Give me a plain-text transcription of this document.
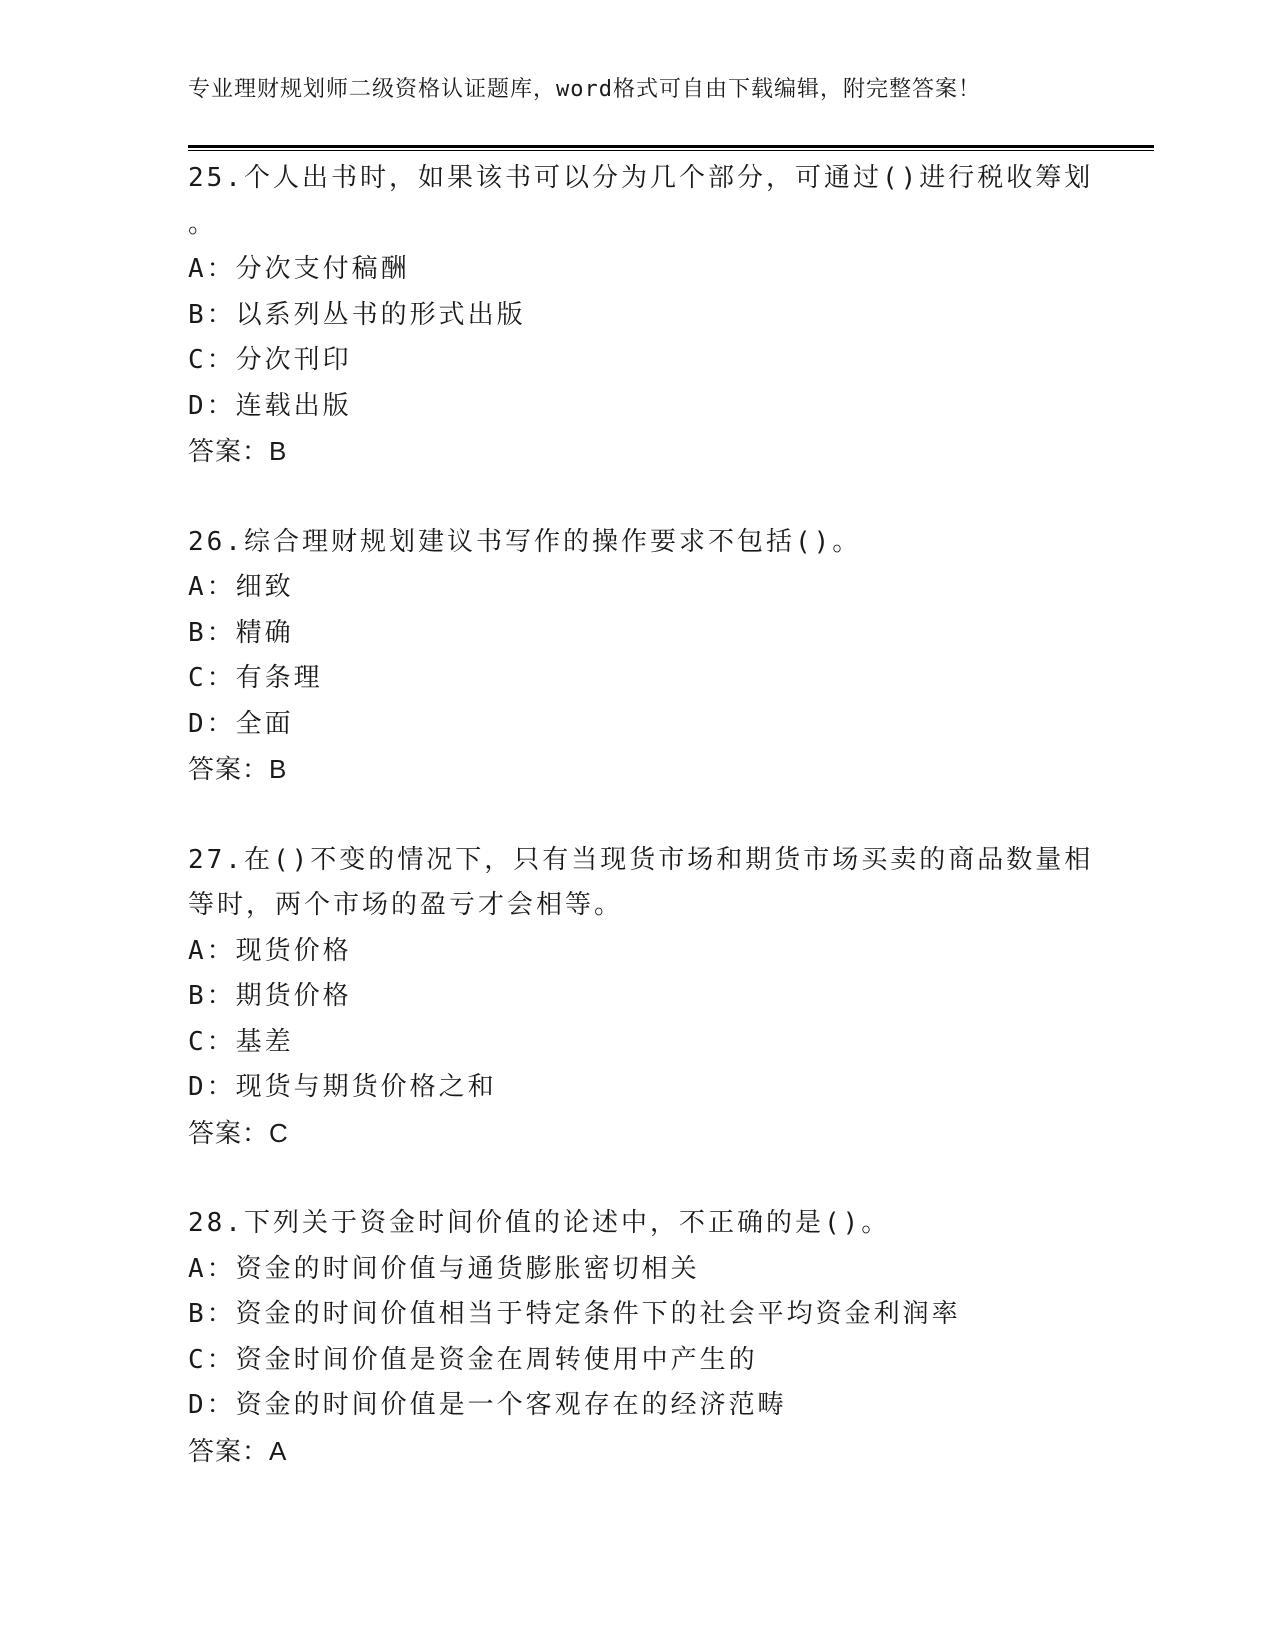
专业理财规划师二级资格认证题库，word格式可自由下载编辑，附完整答案！
25.个人出书时，如果该书可以分为几个部分，可通过()进行税收筹划
。
A：分次支付稿酬
B：以系列丛书的形式出版
C：分次刊印
D：连载出版
答案：B
26.综合理财规划建议书写作的操作要求不包括()。
A：细致
B：精确
C：有条理
D：全面
答案：B
27.在()不变的情况下，只有当现货市场和期货市场买卖的商品数量相
等时，两个市场的盈亏才会相等。
A：现货价格
B：期货价格
C：基差
D：现货与期货价格之和
答案：C
28.下列关于资金时间价值的论述中，不正确的是()。
A：资金的时间价值与通货膨胀密切相关
B：资金的时间价值相当于特定条件下的社会平均资金利润率
C：资金时间价值是资金在周转使用中产生的
D：资金的时间价值是一个客观存在的经济范畴
答案：A
